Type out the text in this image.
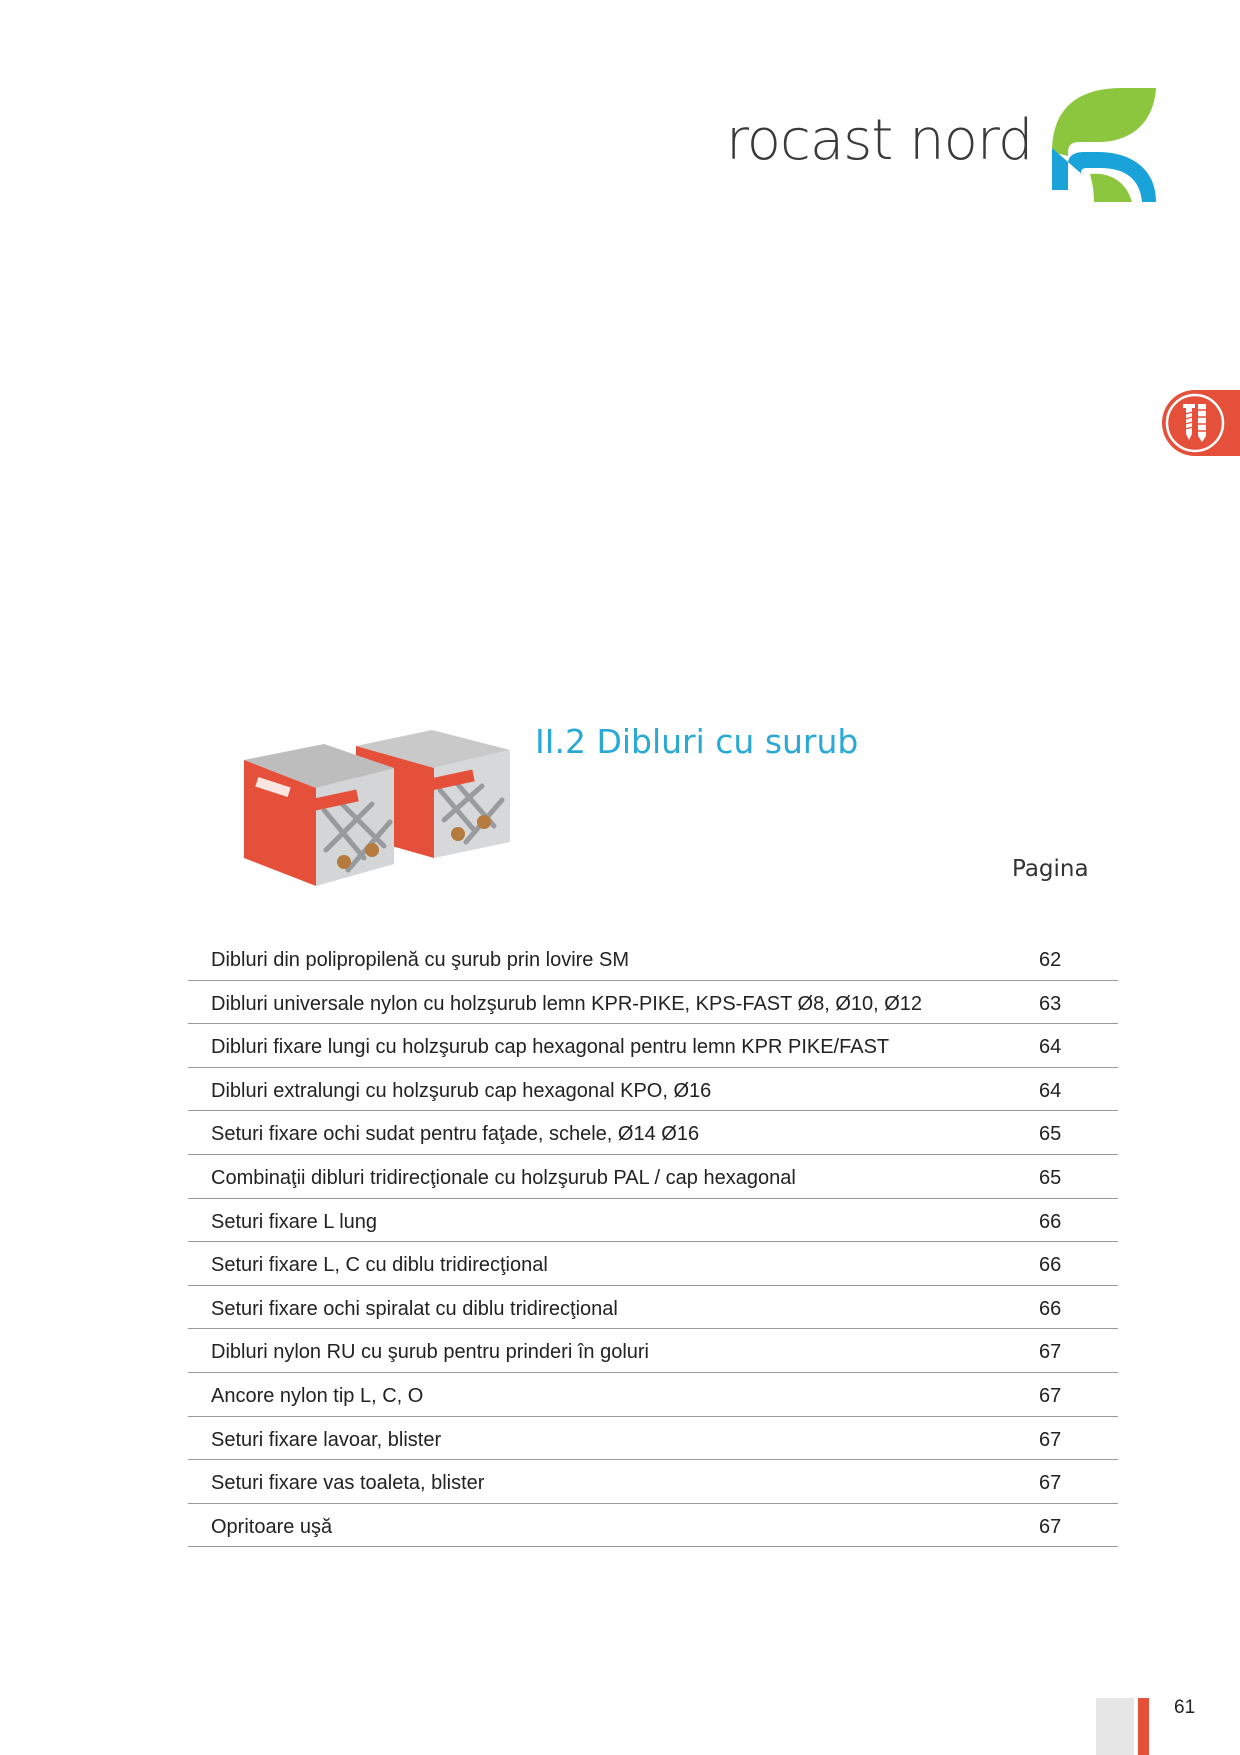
rocast nord
II.2 Dibluri cu surub
Pagina
Dibluri din polipropilenă cu şurub prin lovire SM	62
Dibluri universale nylon cu holzşurub lemn KPR-PIKE, KPS-FAST Ø8, Ø10, Ø12	63
Dibluri fixare lungi cu holzşurub cap hexagonal pentru lemn KPR PIKE/FAST	64
Dibluri extralungi cu holzşurub cap hexagonal KPO, Ø16	64
Seturi fixare ochi sudat pentru faţade, schele, Ø14 Ø16	65
Combinaţii dibluri tridirecţionale cu holzşurub PAL / cap hexagonal	65
Seturi fixare L lung	66
Seturi fixare L, C cu diblu tridirecţional	66
Seturi fixare ochi spiralat cu diblu tridirecţional	66
Dibluri nylon RU cu şurub pentru prinderi în goluri	67
Ancore nylon tip L, C, O	67
Seturi fixare lavoar, blister	67
Seturi fixare vas toaleta, blister	67
Opritoare uşă	67
61
